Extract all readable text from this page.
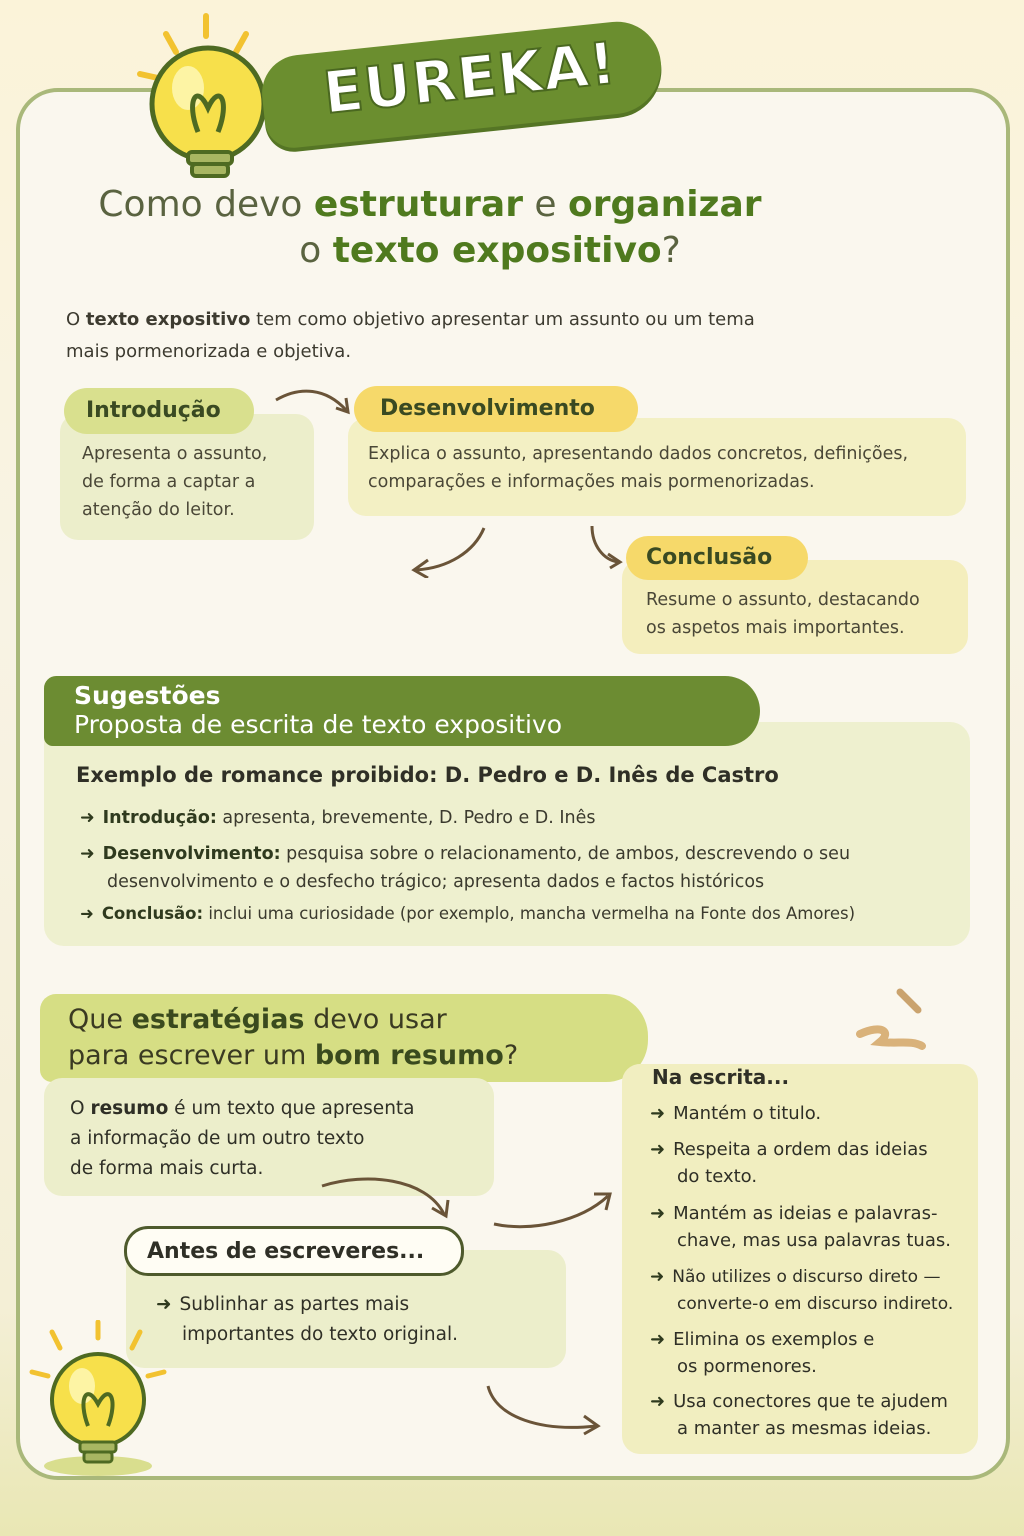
EUREKA!
Como devo estruturar e organizar
o texto expositivo?
O texto expositivo tem como objetivo apresentar um assunto ou um tema
mais pormenorizada e objetiva.
Apresenta o assunto,
de forma a captar a
atenção do leitor.
Introdução
Explica o assunto, apresentando dados concretos, definições,
comparações e informações mais pormenorizadas.
Desenvolvimento
Resume o assunto, destacando
os aspetos mais importantes.
Conclusão
Sugestões
Proposta de escrita de texto expositivo
Exemplo de romance proibido: D. Pedro e D. Inês de Castro
➜ Introdução: apresenta, brevemente, D. Pedro e D. Inês
➜ Desenvolvimento: pesquisa sobre o relacionamento, de ambos, descrevendo o seu
desenvolvimento e o desfecho trágico; apresenta dados e factos históricos
➜ Conclusão: inclui uma curiosidade (por exemplo, mancha vermelha na Fonte dos Amores)
Que estratégias devo usar
para escrever um bom resumo?
O resumo é um texto que apresenta
a informação de um outro texto
de forma mais curta.
➜ Sublinhar as partes mais
importantes do texto original.
Antes de escreveres...
Na escrita...
➜ Mantém o titulo.
➜ Respeita a ordem das ideias
do texto.
➜ Mantém as ideias e palavras-
chave, mas usa palavras tuas.
➜ Não utilizes o discurso direto —
converte-o em discurso indireto.
➜ Elimina os exemplos e
os pormenores.
➜ Usa conectores que te ajudem
a manter as mesmas ideias.
